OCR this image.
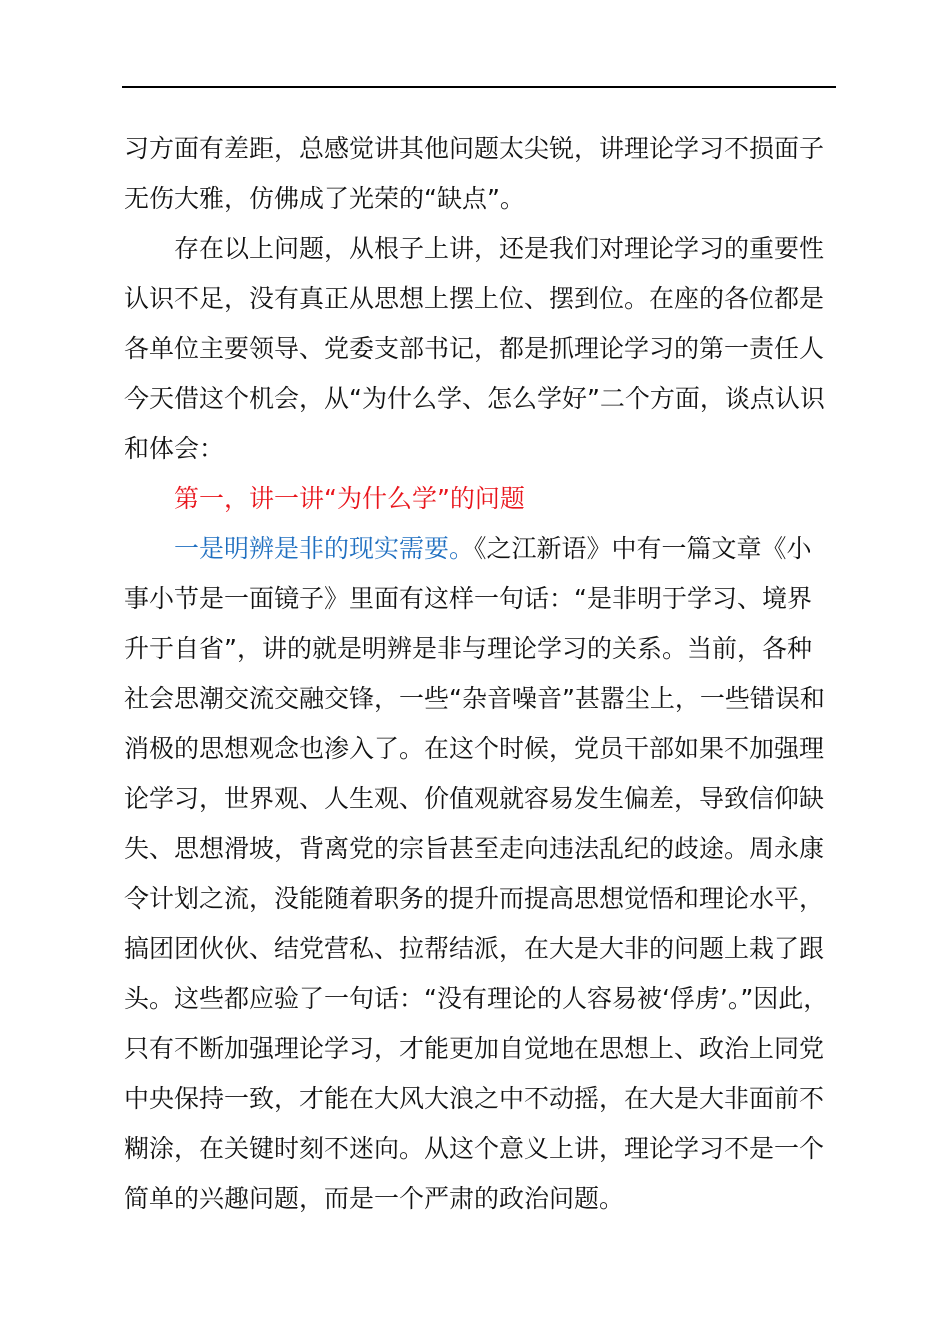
习方面有差距，总感觉讲其他问题太尖锐，讲理论学习不损面子
无伤大雅，仿佛成了光荣的“缺点”。
存在以上问题，从根子上讲，还是我们对理论学习的重要性
认识不足，没有真正从思想上摆上位、摆到位。在座的各位都是
各单位主要领导、党委支部书记，都是抓理论学习的第一责任人
今天借这个机会，从“为什么学、怎么学好”二个方面，谈点认识
和体会：
第一，讲一讲“为什么学”的问题
一是明辨是非的现实需要。《之江新语》中有一篇文章《小
事小节是一面镜子》里面有这样一句话：“是非明于学习、境界
升于自省”，讲的就是明辨是非与理论学习的关系。当前，各种
社会思潮交流交融交锋，一些“杂音噪音”甚嚣尘上，一些错误和
消极的思想观念也渗入了。在这个时候，党员干部如果不加强理
论学习，世界观、人生观、价值观就容易发生偏差，导致信仰缺
失、思想滑坡，背离党的宗旨甚至走向违法乱纪的歧途。周永康
令计划之流，没能随着职务的提升而提高思想觉悟和理论水平，
搞团团伙伙、结党营私、拉帮结派，在大是大非的问题上栽了跟
头。这些都应验了一句话：“没有理论的人容易被‘俘虏’。”因此，
只有不断加强理论学习，才能更加自觉地在思想上、政治上同党
中央保持一致，才能在大风大浪之中不动摇，在大是大非面前不
糊涂，在关键时刻不迷向。从这个意义上讲，理论学习不是一个
简单的兴趣问题，而是一个严肃的政治问题。
